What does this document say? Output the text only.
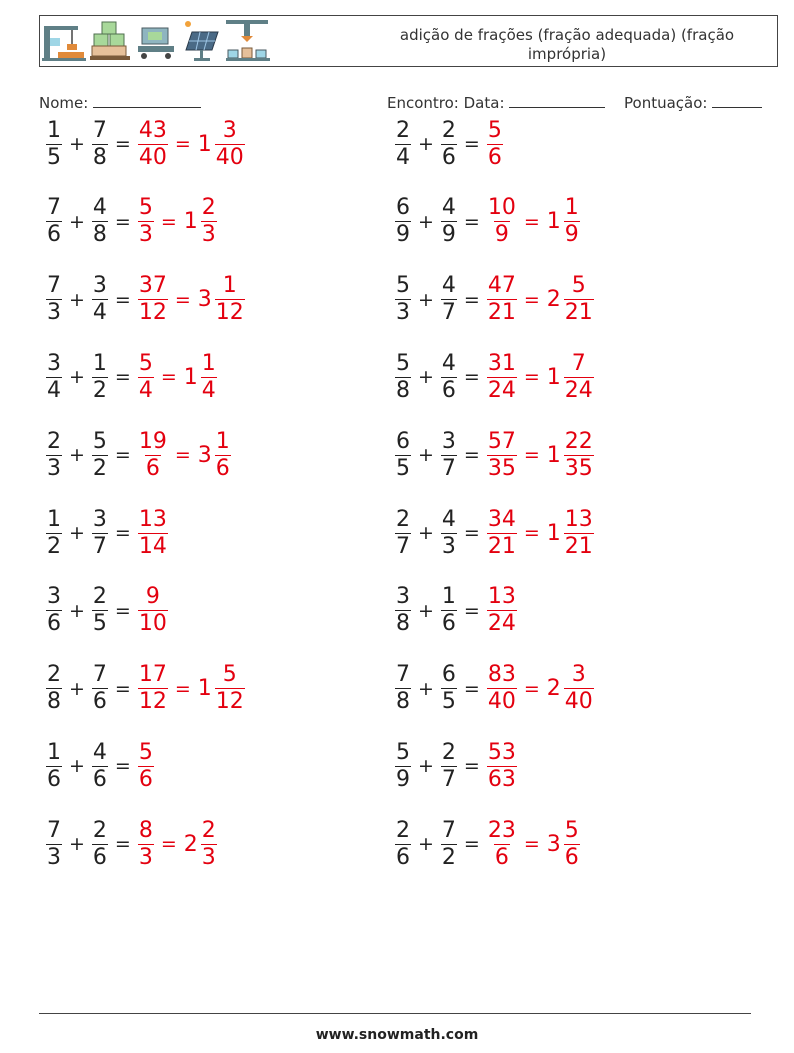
adição de frações (fração adequada) (fração imprópria)
Nome:	Encontro: Data:	Pontuação:
$\frac{1}{5} + \frac{7}{8} = \frac{43}{40} = 1 \frac{3}{40}$	$\frac{2}{4} + \frac{2}{6} = \frac{5}{6}$
$\frac{7}{6} + \frac{4}{8} = \frac{5}{3} = 1 \frac{2}{3}$	$\frac{6}{9} + \frac{4}{9} = \frac{10}{9} = 1 \frac{1}{9}$
$\frac{7}{3} + \frac{3}{4} = \frac{37}{12} = 3 \frac{1}{12}$	$\frac{5}{3} + \frac{4}{7} = \frac{47}{21} = 2 \frac{5}{21}$
$\frac{3}{4} + \frac{1}{2} = \frac{5}{4} = 1 \frac{1}{4}$	$\frac{5}{8} + \frac{4}{6} = \frac{31}{24} = 1 \frac{7}{24}$
$\frac{2}{3} + \frac{5}{2} = \frac{19}{6} = 3 \frac{1}{6}$	$\frac{6}{5} + \frac{3}{7} = \frac{57}{35} = 1 \frac{22}{35}$
$\frac{1}{2} + \frac{3}{7} = \frac{13}{14}$	$\frac{2}{7} + \frac{4}{3} = \frac{34}{21} = 1 \frac{13}{21}$
$\frac{3}{6} + \frac{2}{5} = \frac{9}{10}$	$\frac{3}{8} + \frac{1}{6} = \frac{13}{24}$
$\frac{2}{8} + \frac{7}{6} = \frac{17}{12} = 1 \frac{5}{12}$	$\frac{7}{8} + \frac{6}{5} = \frac{83}{40} = 2 \frac{3}{40}$
$\frac{1}{6} + \frac{4}{6} = \frac{5}{6}$	$\frac{5}{9} + \frac{2}{7} = \frac{53}{63}$
$\frac{7}{3} + \frac{2}{6} = \frac{8}{3} = 2 \frac{2}{3}$	$\frac{2}{6} + \frac{7}{2} = \frac{23}{6} = 3 \frac{5}{6}$
www.snowmath.com
